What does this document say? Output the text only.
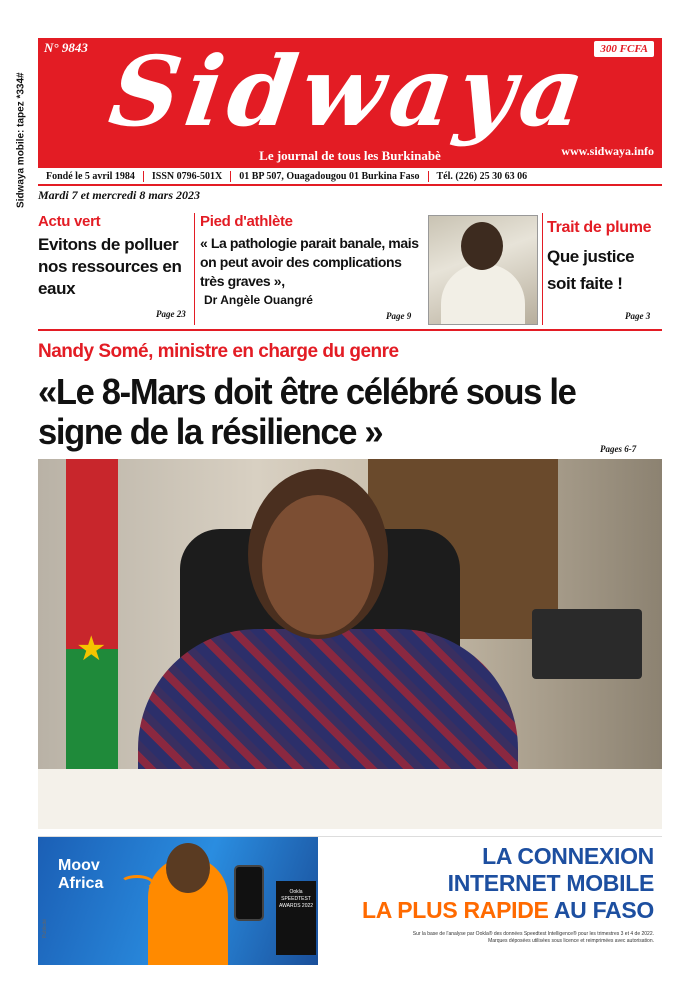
Sidwaya mobile: tapez *334#
N° 9843	300 FCFA
Sidwaya
Le journal de tous les Burkinabè	www.sidwaya.info
Fondé le 5 avril 1984	ISSN 0796-501X	01 BP 507, Ouagadougou 01 Burkina Faso	Tél. (226) 25 30 63 06
Mardi 7 et mercredi 8 mars 2023
Actu vert
Evitons de polluer nos ressources en eaux
Page 23
Pied d'athlète
« La pathologie parait banale, mais on peut avoir des complications très graves »,
Dr Angèle Ouangré
Page 9
Trait de plume
Que justice soit faite !
Page 3
Nandy Somé, ministre en charge du genre
«Le 8-Mars doit être célébré sous le signe de la résilience »	Pages 6-7
★
Moov
Africa	Ookla SPEEDTEST AWARDS 2022
Publicité
LA CONNEXION
INTERNET MOBILE
LA PLUS RAPIDE AU FASO
Sur la base de l'analyse par Ookla® des données Speedtest Intelligence® pour les trimestres 3 et 4 de 2022. Marques déposées utilisées sous licence et reimprimées avec autorisation.
